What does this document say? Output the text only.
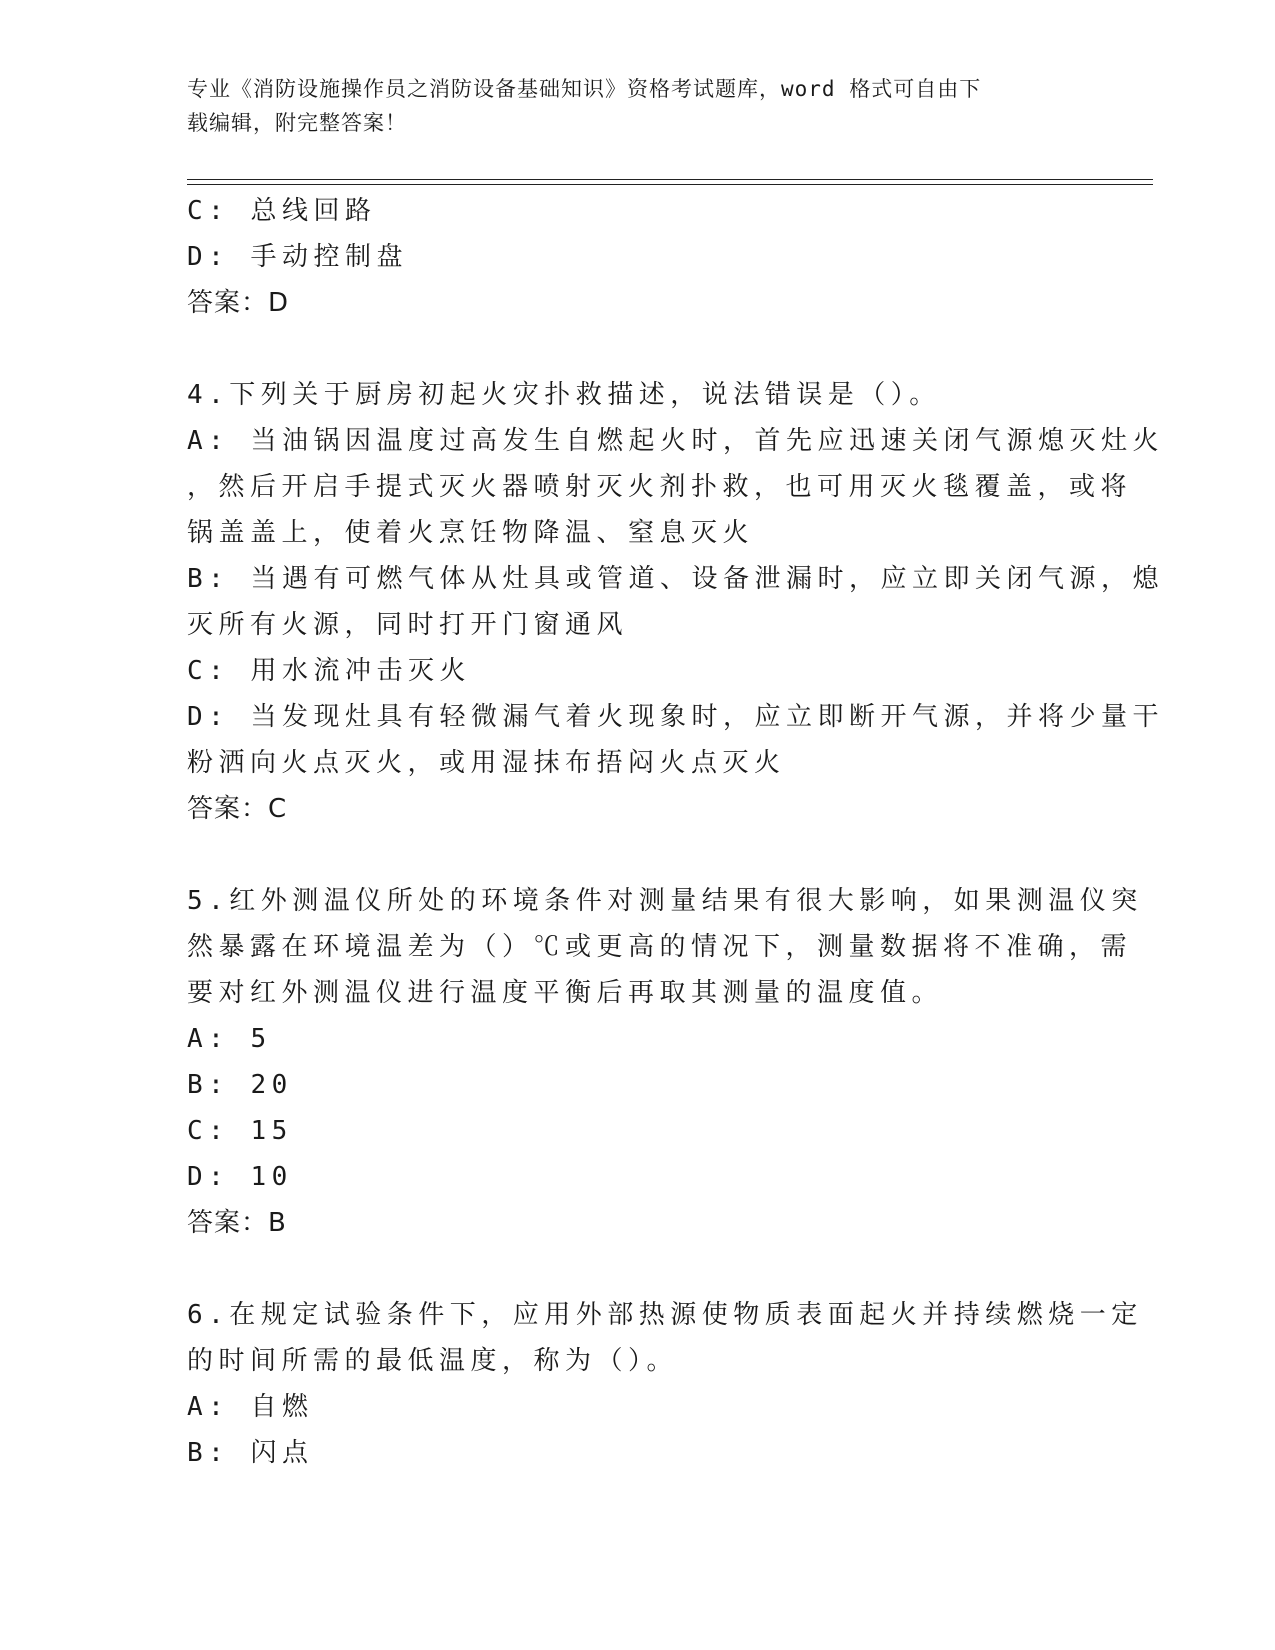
专业《消防设施操作员之消防设备基础知识》资格考试题库，word 格式可自由下
载编辑，附完整答案！
C: 总线回路
D: 手动控制盘
答案：D
4.下列关于厨房初起火灾扑救描述，说法错误是（）。
A: 当油锅因温度过高发生自燃起火时，首先应迅速关闭气源熄灭灶火
，然后开启手提式灭火器喷射灭火剂扑救，也可用灭火毯覆盖，或将
锅盖盖上，使着火烹饪物降温、窒息灭火
B: 当遇有可燃气体从灶具或管道、设备泄漏时，应立即关闭气源，熄
灭所有火源，同时打开门窗通风
C: 用水流冲击灭火
D: 当发现灶具有轻微漏气着火现象时，应立即断开气源，并将少量干
粉洒向火点灭火，或用湿抹布捂闷火点灭火
答案：C
5.红外测温仪所处的环境条件对测量结果有很大影响，如果测温仪突
然暴露在环境温差为（）℃或更高的情况下，测量数据将不准确，需
要对红外测温仪进行温度平衡后再取其测量的温度值。
A: 5
B: 20
C: 15
D: 10
答案：B
6.在规定试验条件下，应用外部热源使物质表面起火并持续燃烧一定
的时间所需的最低温度，称为（）。
A: 自燃
B: 闪点
